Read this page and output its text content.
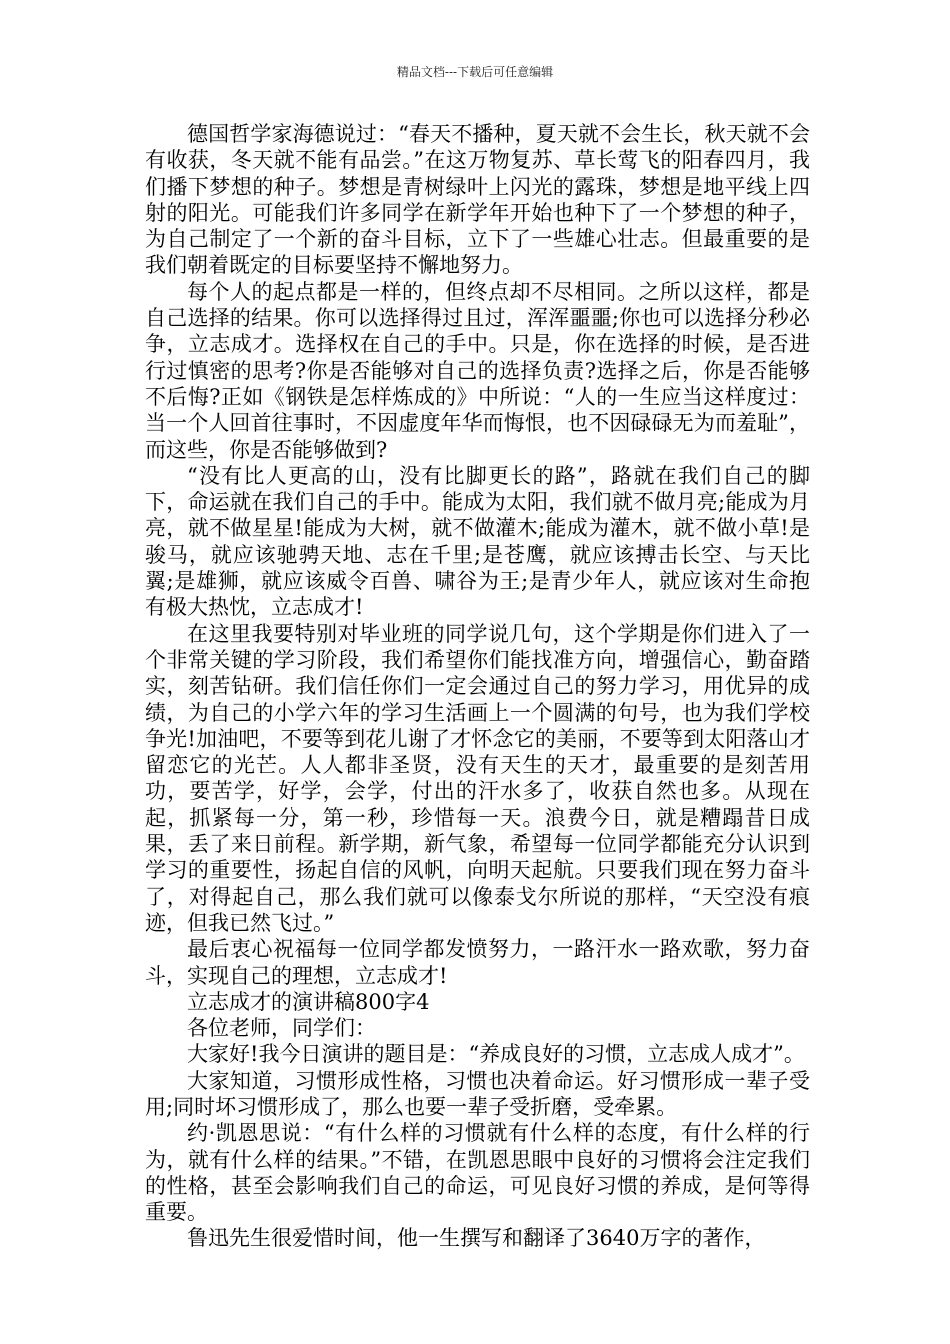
精品文档---下载后可任意编辑

德国哲学家海德说过：“春天不播种，夏天就不会生长，秋天就不会有收获，冬天就不能有品尝。”在这万物复苏、草长莺飞的阳春四月，我们播下梦想的种子。梦想是青树绿叶上闪光的露珠，梦想是地平线上四射的阳光。可能我们许多同学在新学年开始也种下了一个梦想的种子，为自己制定了一个新的奋斗目标，立下了一些雄心壮志。但最重要的是我们朝着既定的目标要坚持不懈地努力。

每个人的起点都是一样的，但终点却不尽相同。之所以这样，都是自己选择的结果。你可以选择得过且过，浑浑噩噩;你也可以选择分秒必争，立志成才。选择权在自己的手中。只是，你在选择的时候，是否进行过慎密的思考?你是否能够对自己的选择负责?选择之后，你是否能够不后悔?正如《钢铁是怎样炼成的》中所说：“人的一生应当这样度过：当一个人回首往事时，不因虚度年华而悔恨，也不因碌碌无为而羞耻”，而这些，你是否能够做到?

“没有比人更高的山，没有比脚更长的路”，路就在我们自己的脚下，命运就在我们自己的手中。能成为太阳，我们就不做月亮;能成为月亮，就不做星星!能成为大树，就不做灌木;能成为灌木，就不做小草!是骏马，就应该驰骋天地、志在千里;是苍鹰，就应该搏击长空、与天比翼;是雄狮，就应该威令百兽、啸谷为王;是青少年人，就应该对生命抱有极大热忱，立志成才!

在这里我要特别对毕业班的同学说几句，这个学期是你们进入了一个非常关键的学习阶段，我们希望你们能找准方向，增强信心，勤奋踏实，刻苦钻研。我们信任你们一定会通过自己的努力学习，用优异的成绩，为自己的小学六年的学习生活画上一个圆满的句号，也为我们学校争光!加油吧，不要等到花儿谢了才怀念它的美丽，不要等到太阳落山才留恋它的光芒。人人都非圣贤，没有天生的天才，最重要的是刻苦用功，要苦学，好学，会学，付出的汗水多了，收获自然也多。从现在起，抓紧每一分，第一秒，珍惜每一天。浪费今日，就是糟蹋昔日成果，丢了来日前程。新学期，新气象，希望每一位同学都能充分认识到学习的重要性，扬起自信的风帆，向明天起航。只要我们现在努力奋斗了，对得起自己，那么我们就可以像泰戈尔所说的那样，“天空没有痕迹，但我已然飞过。”

最后衷心祝福每一位同学都发愤努力，一路汗水一路欢歌，努力奋斗，实现自己的理想，立志成才!

立志成才的演讲稿800字4

各位老师，同学们：

大家好!我今日演讲的题目是：“养成良好的习惯，立志成人成才”。

大家知道，习惯形成性格，习惯也决着命运。好习惯形成一辈子受用;同时坏习惯形成了，那么也要一辈子受折磨，受牵累。

约·凯恩思说：“有什么样的习惯就有什么样的态度，有什么样的行为，就有什么样的结果。”不错，在凯恩思眼中良好的习惯将会注定我们的性格，甚至会影响我们自己的命运，可见良好习惯的养成，是何等得重要。

鲁迅先生很爱惜时间，他一生撰写和翻译了3640万字的著作，
